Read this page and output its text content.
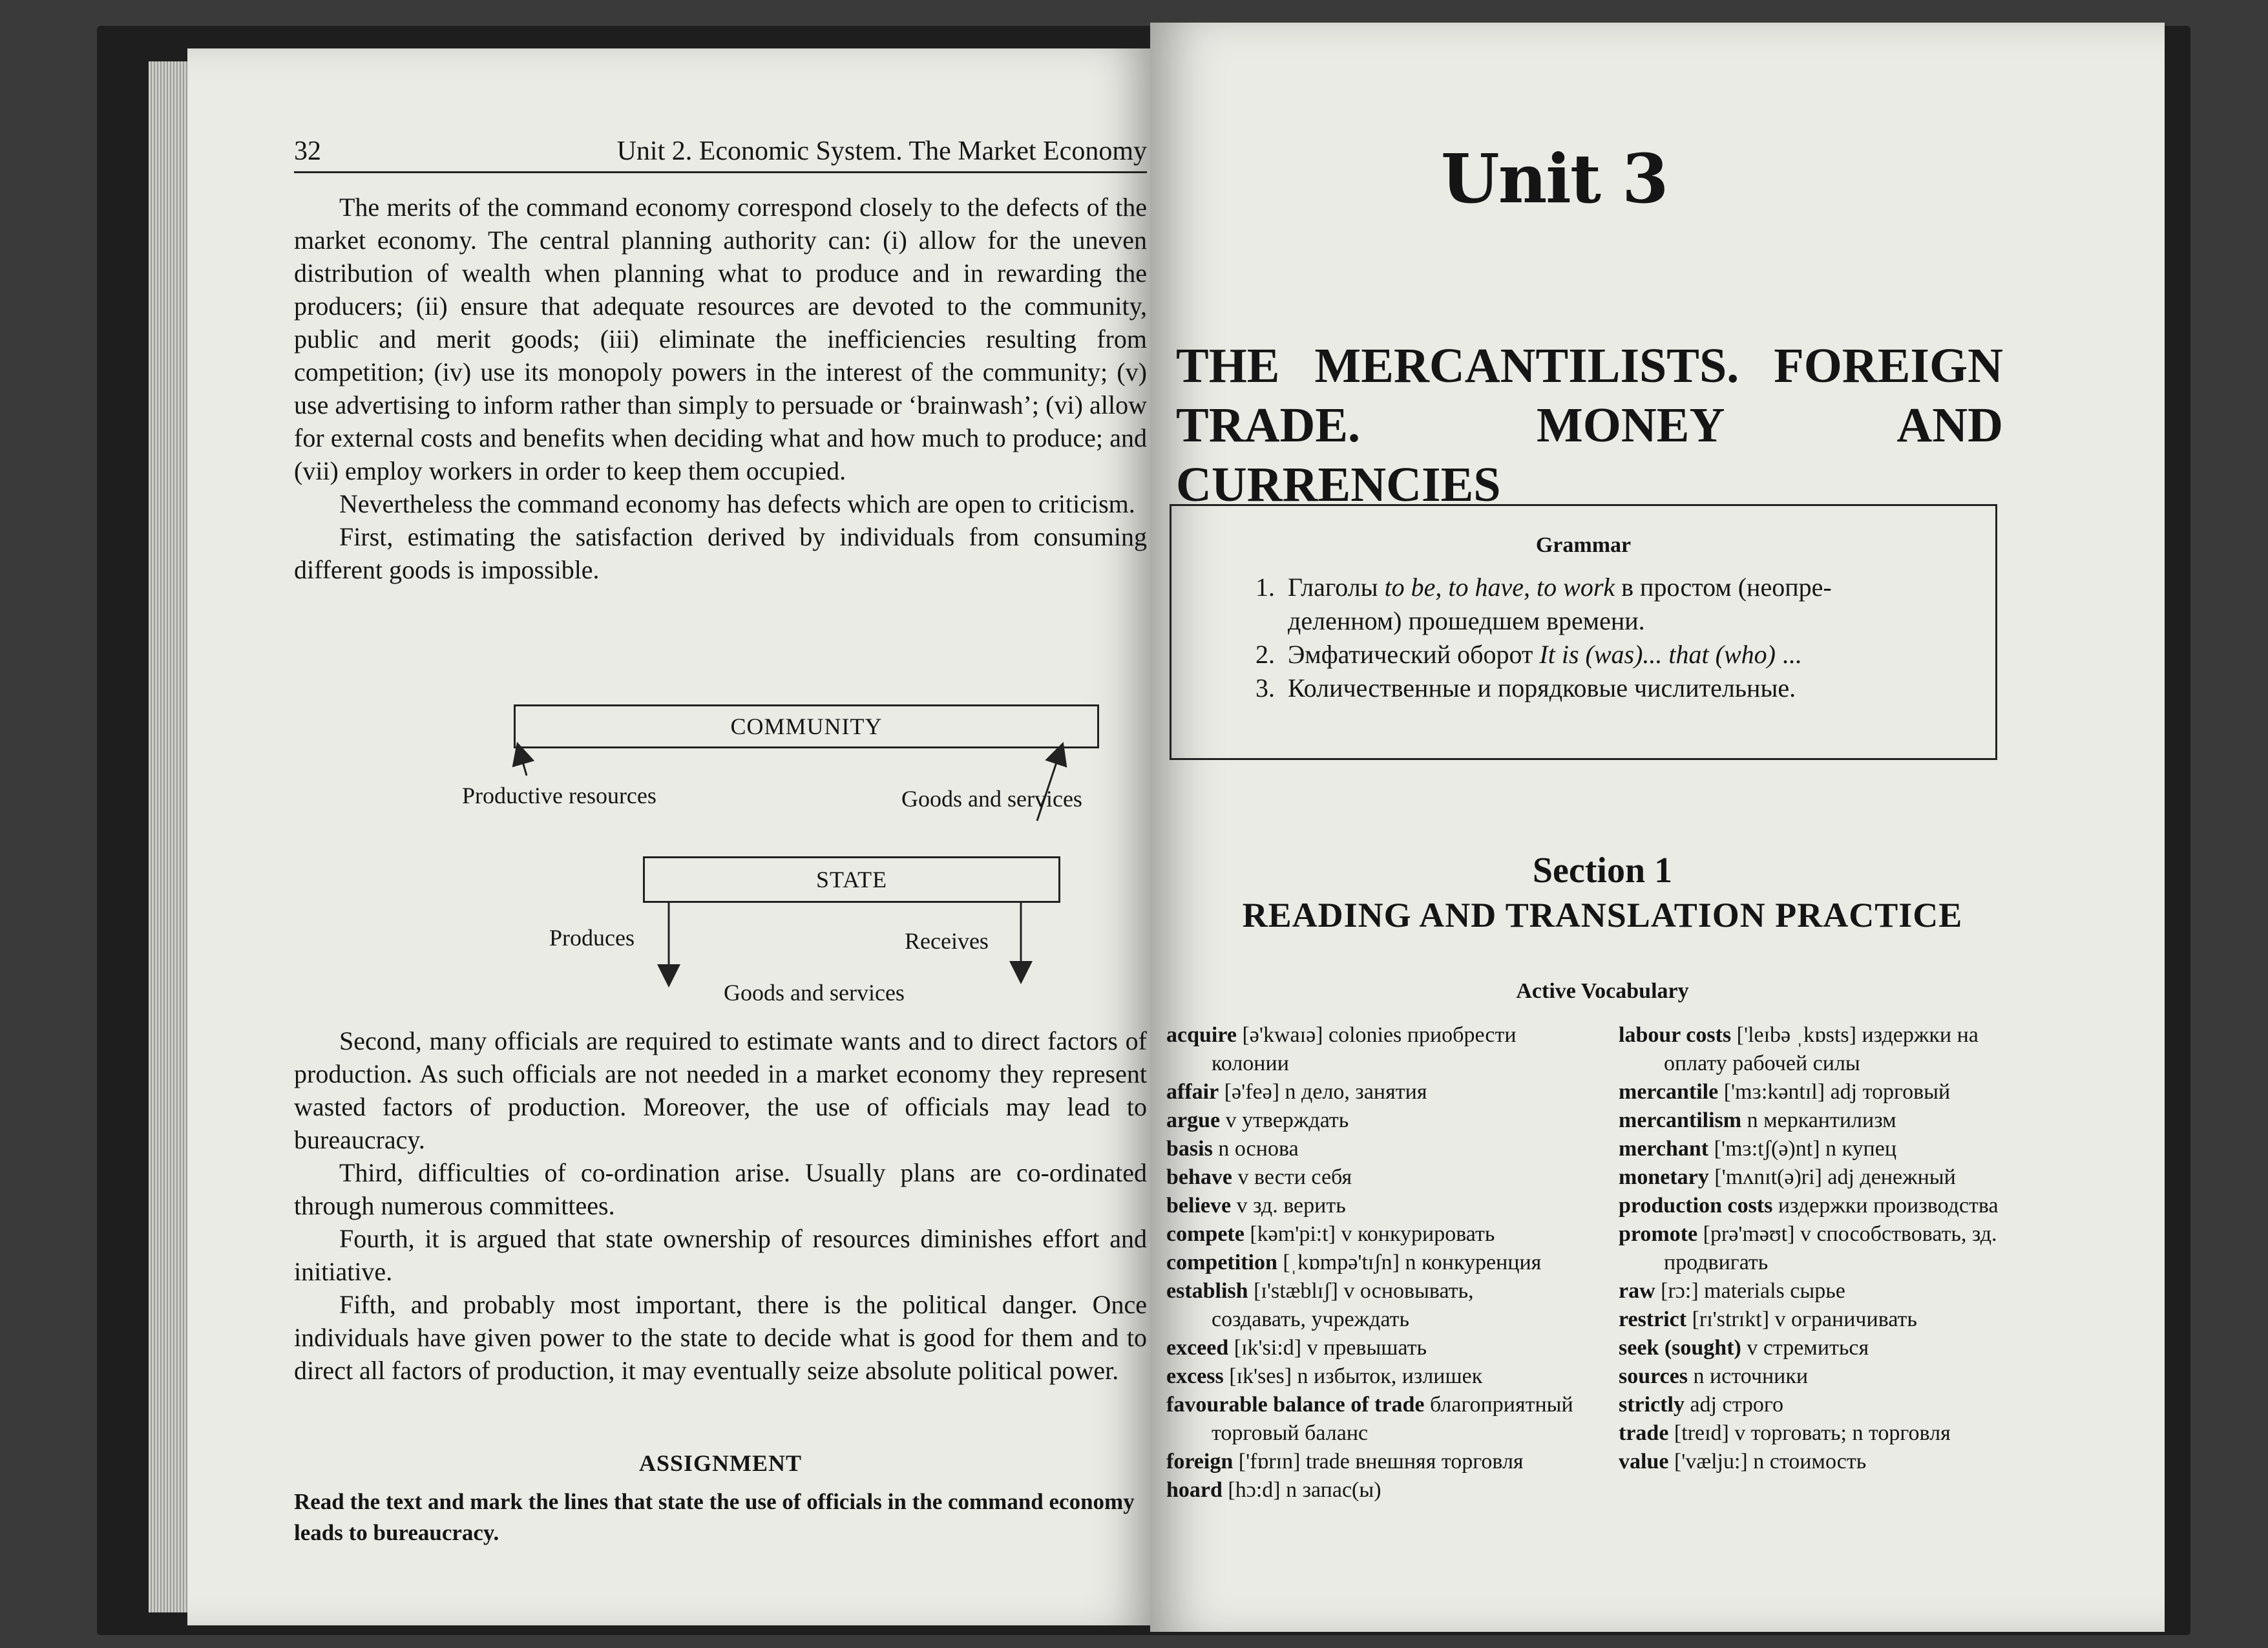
32	Unit 2. Economic System. The Market Economy

The merits of the command economy correspond closely to the defects of the market economy. The central planning authority can: (i) allow for the uneven distribution of wealth when planning what to produce and in rewarding the producers; (ii) ensure that adequate resources are devoted to the community, public and merit goods; (iii) eliminate the inefficiencies resulting from competition; (iv) use its monopoly powers in the interest of the community; (v) use advertising to inform rather than simply to persuade or ‘brainwash’; (vi) allow for external costs and benefits when deciding what and how much to produce; and (vii) employ workers in order to keep them occupied.

Nevertheless the command economy has defects which are open to criticism.

First, estimating the satisfaction derived by individuals from consuming different goods is impossible.

COMMUNITY
STATE
Productive resources	Goods and services
Produces	Receives
Goods and services

Second, many officials are required to estimate wants and to direct factors of production. As such officials are not needed in a market economy they represent wasted factors of production. Moreover, the use of officials may lead to bureaucracy.

Third, difficulties of co-ordination arise. Usually plans are co-ordinated through numerous committees.

Fourth, it is argued that state ownership of resources diminishes effort and initiative.

Fifth, and probably most important, there is the political danger. Once individuals have given power to the state to decide what is good for them and to direct all factors of production, it may eventually seize absolute political power.

ASSIGNMENT
Read the text and mark the lines that state the use of officials in the command economy leads to bureaucracy.
Unit 3
THE MERCANTILISTS. FOREIGN
TRADE. MONEY AND CURRENCIES
Grammar
1. Глаголы to be, to have, to work в простом (неопре-
деленном) прошедшем времени.
2. Эмфатический оборот It is (was)... that (who) ...
3. Количественные и порядковые числительные.
Section 1
READING AND TRANSLATION PRACTICE
Active Vocabulary

acquire [ə'kwaɪə] colonies приобрести колонии

affair [ə'feə] n дело, занятия

argue v утверждать

basis n основа

behave v вести себя

believe v зд. верить

compete [kəm'pi:t] v конкурировать

competition [ˌkɒmpə'tɪʃn] n конкуренция

establish [ɪ'stæblɪʃ] v основывать, создавать, учреждать

exceed [ɪk'si:d] v превышать

excess [ɪk'ses] n избыток, излишек

favourable balance of trade благоприятный торговый баланс

foreign ['fɒrɪn] trade внешняя торговля

hoard [hɔ:d] n запас(ы)

labour costs ['leɪbə ˌkɒsts] издержки на оплату рабочей силы

mercantile ['mɜ:kəntɪl] adj торговый

mercantilism n меркантилизм

merchant ['mɜ:tʃ(ə)nt] n купец

monetary ['mʌnɪt(ə)ri] adj денежный

production costs издержки производства

promote [prə'məʊt] v способствовать, зд. продвигать

raw [rɔ:] materials сырье

restrict [rɪ'strɪkt] v ограничивать

seek (sought) v стремиться

sources n источники

strictly adj строго

trade [treɪd] v торговать; n торговля

value ['vælju:] n стоимость
